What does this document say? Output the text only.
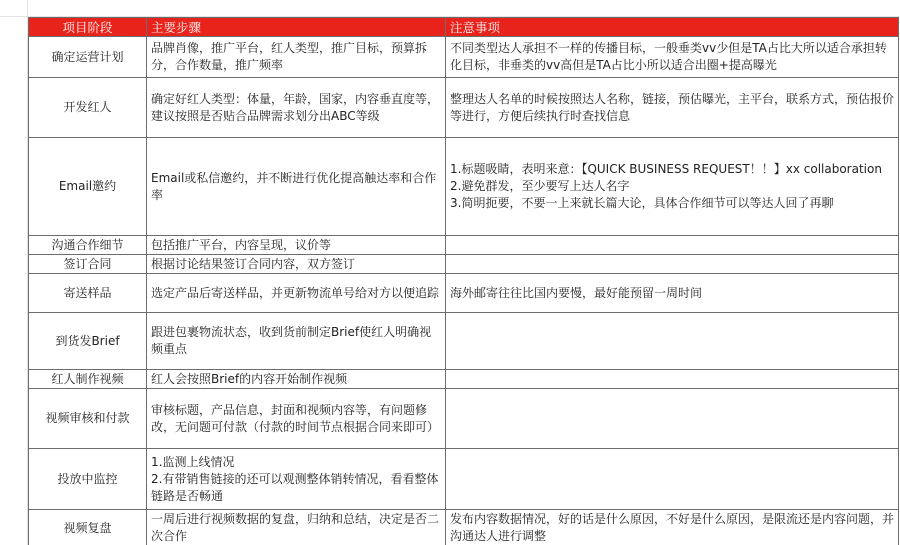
项目阶段	主要步骤	注意事项
确定运营计划	品牌肖像，推广平台，红人类型，推广目标，预算拆分，合作数量，推广频率	不同类型达人承担不一样的传播目标，一般垂类vv少但是TA占比大所以适合承担转化目标，非垂类的vv高但是TA占比小所以适合出圈+提高曝光
开发红人	确定好红人类型：体量，年龄，国家，内容垂直度等，建议按照是否贴合品牌需求划分出ABC等级	整理达人名单的时候按照达人名称，链接，预估曝光，主平台，联系方式，预估报价等进行，方便后续执行时查找信息
Email邀约	Email或私信邀约，并不断进行优化提高触达率和合作率	1.标题吸睛，表明来意：【QUICK BUSINESS REQUEST！！】xx collaboration
2.避免群发，至少要写上达人名字
3.简明扼要，不要一上来就长篇大论，具体合作细节可以等达人回了再聊
沟通合作细节	包括推广平台，内容呈现，议价等	
签订合同	根据讨论结果签订合同内容，双方签订	
寄送样品	选定产品后寄送样品，并更新物流单号给对方以便追踪	海外邮寄往往比国内要慢，最好能预留一周时间
到货发Brief	跟进包裹物流状态，收到货前制定Brief使红人明确视频重点	
红人制作视频	红人会按照Brief的内容开始制作视频	
视频审核和付款	审核标题，产品信息，封面和视频内容等，有问题修改，无问题可付款（付款的时间节点根据合同来即可）	
投放中监控	1.监测上线情况
2.有带销售链接的还可以观测整体销转情况，看看整体链路是否畅通	
视频复盘	一周后进行视频数据的复盘，归纳和总结，决定是否二次合作	发布内容数据情况，好的话是什么原因，不好是什么原因，是限流还是内容问题，并沟通达人进行调整
